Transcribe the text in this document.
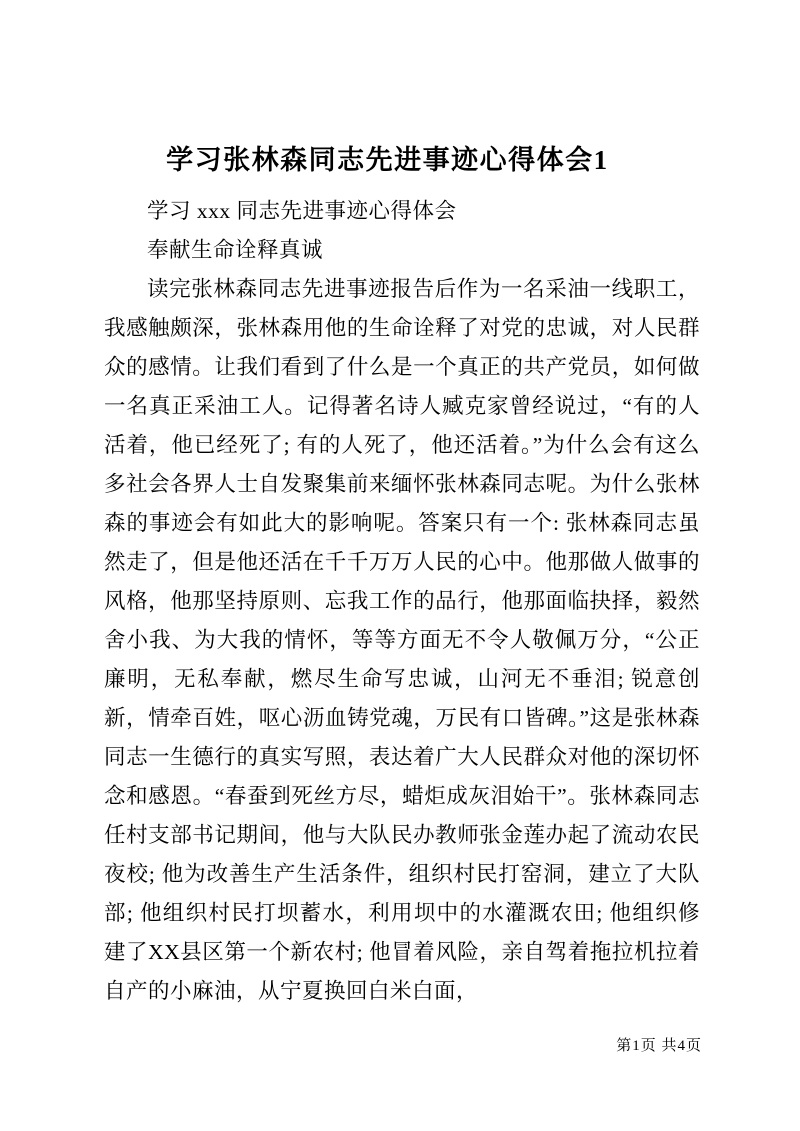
学习张林森同志先进事迹心得体会1

学习 xxx 同志先进事迹心得体会

奉献生命诠释真诚

读完张林森同志先进事迹报告后作为一名采油一线职工，我感触颇深，张林森用他的生命诠释了对党的忠诚，对人民群众的感情。让我们看到了什么是一个真正的共产党员，如何做一名真正采油工人。记得著名诗人臧克家曾经说过，“有的人活着，他已经死了; 有的人死了，他还活着。”为什么会有这么多社会各界人士自发聚集前来缅怀张林森同志呢。为什么张林森的事迹会有如此大的影响呢。答案只有一个: 张林森同志虽然走了，但是他还活在千千万万人民的心中。他那做人做事的风格，他那坚持原则、忘我工作的品行，他那面临抉择，毅然舍小我、为大我的情怀，等等方面无不令人敬佩万分，“公正廉明，无私奉献，燃尽生命写忠诚，山河无不垂泪; 锐意创新，情牵百姓，呕心沥血铸党魂，万民有口皆碑。”这是张林森同志一生德行的真实写照，表达着广大人民群众对他的深切怀念和感恩。“春蚕到死丝方尽，蜡炬成灰泪始干”。张林森同志任村支部书记期间，他与大队民办教师张金莲办起了流动农民夜校; 他为改善生产生活条件，组织村民打窑洞，建立了大队部; 他组织村民打坝蓄水，利用坝中的水灌溉农田; 他组织修建了XX县区第一个新农村; 他冒着风险，亲自驾着拖拉机拉着自产的小麻油，从宁夏换回白米白面，

第1页 共4页
